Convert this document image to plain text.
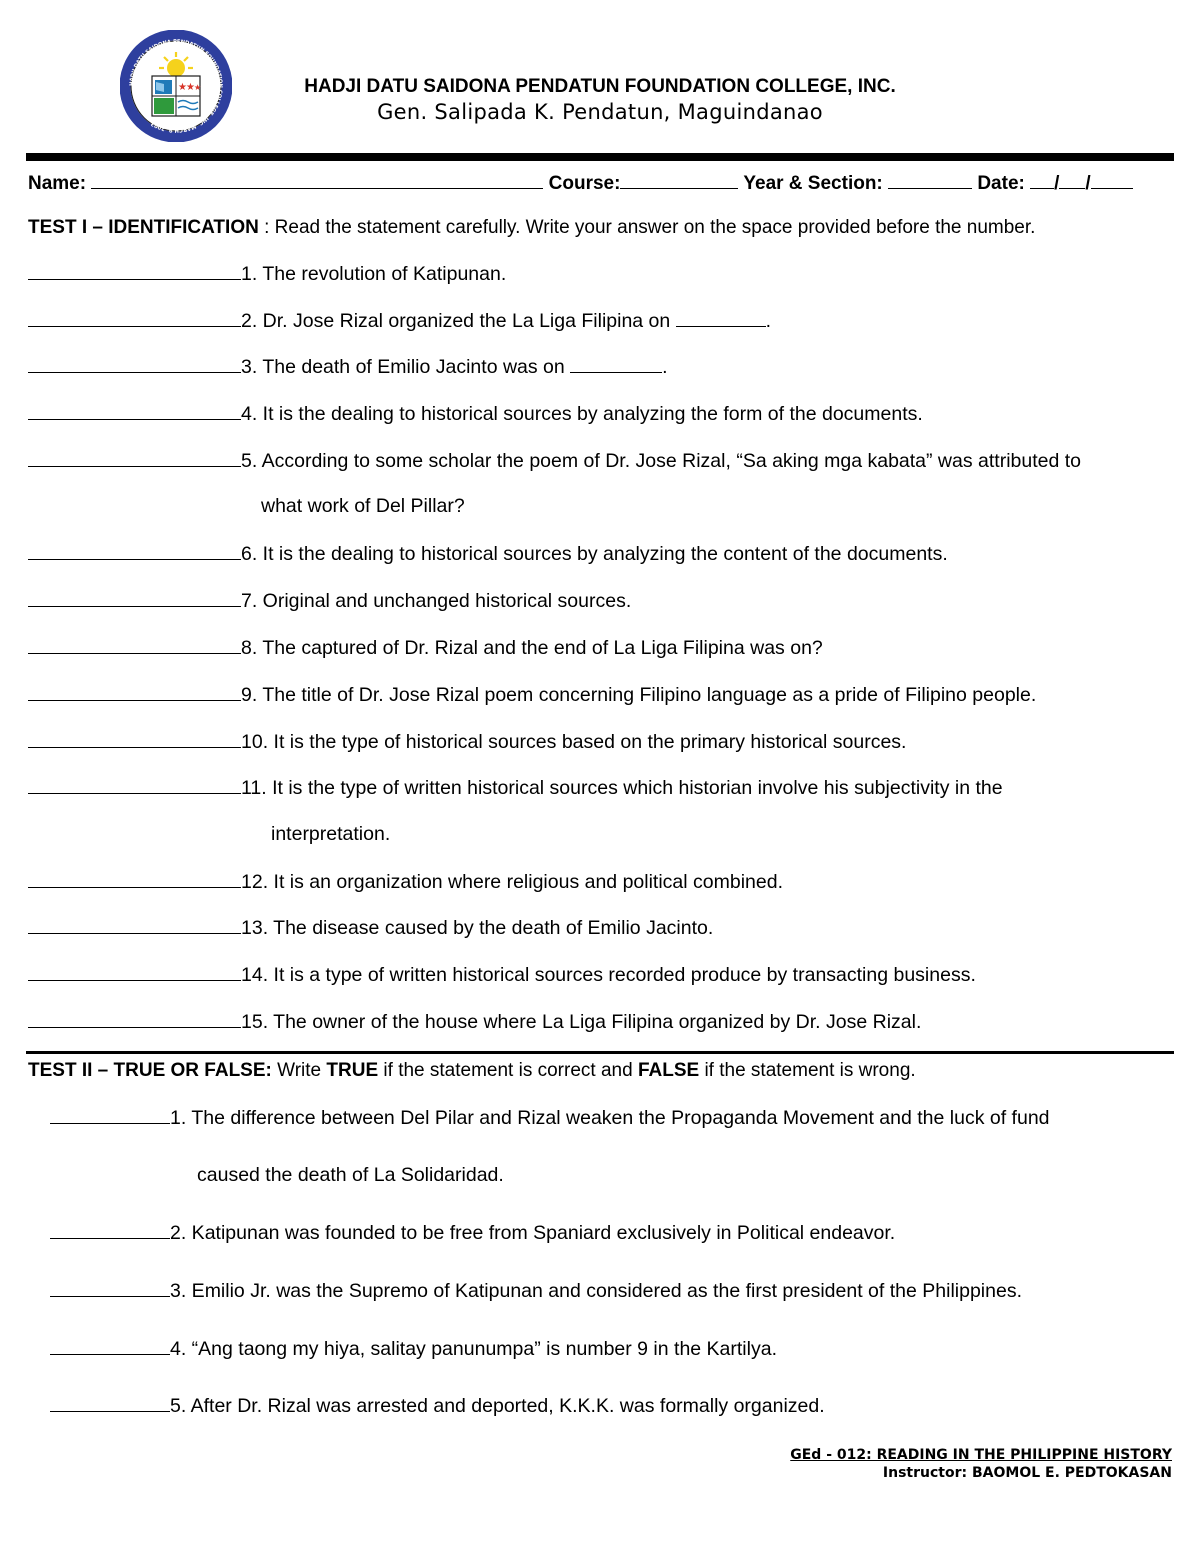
HADJI DATU SAIDONA PENDATUN FOUNDATION COLLEGE, INC. MARCH 9, 2003
★ ★ ★	HADJI DATU SAIDONA PENDATUN FOUNDATION COLLEGE, INC.
Gen. Salipada K. Pendatun, Maguindanao
Name:	Course:	Year & Section:	Date: / /
TEST I – IDENTIFICATION : Read the statement carefully. Write your answer on the space provided before the number.
1. The revolution of Katipunan.
2. Dr. Jose Rizal organized the La Liga Filipina on	.
3. The death of Emilio Jacinto was on	.
4. It is the dealing to historical sources by analyzing the form of the documents.
5. According to some scholar the poem of Dr. Jose Rizal, “Sa aking mga kabata” was attributed to
what work of Del Pillar?
6. It is the dealing to historical sources by analyzing the content of the documents.
7. Original and unchanged historical sources.
8. The captured of Dr. Rizal and the end of La Liga Filipina was on?
9. The title of Dr. Jose Rizal poem concerning Filipino language as a pride of Filipino people.
10. It is the type of historical sources based on the primary historical sources.
11. It is the type of written historical sources which historian involve his subjectivity in the
interpretation.
12. It is an organization where religious and political combined.
13. The disease caused by the death of Emilio Jacinto.
14. It is a type of written historical sources recorded produce by transacting business.
15. The owner of the house where La Liga Filipina organized by Dr. Jose Rizal.
TEST II – TRUE OR FALSE: Write TRUE if the statement is correct and FALSE if the statement is wrong.
1. The difference between Del Pilar and Rizal weaken the Propaganda Movement and the luck of fund
caused the death of La Solidaridad.
2. Katipunan was founded to be free from Spaniard exclusively in Political endeavor.
3. Emilio Jr. was the Supremo of Katipunan and considered as the first president of the Philippines.
4. “Ang taong my hiya, salitay panunumpa” is number 9 in the Kartilya.
5. After Dr. Rizal was arrested and deported, K.K.K. was formally organized.
GEd - 012: READING IN THE PHILIPPINE HISTORY
Instructor: BAOMOL E. PEDTOKASAN
